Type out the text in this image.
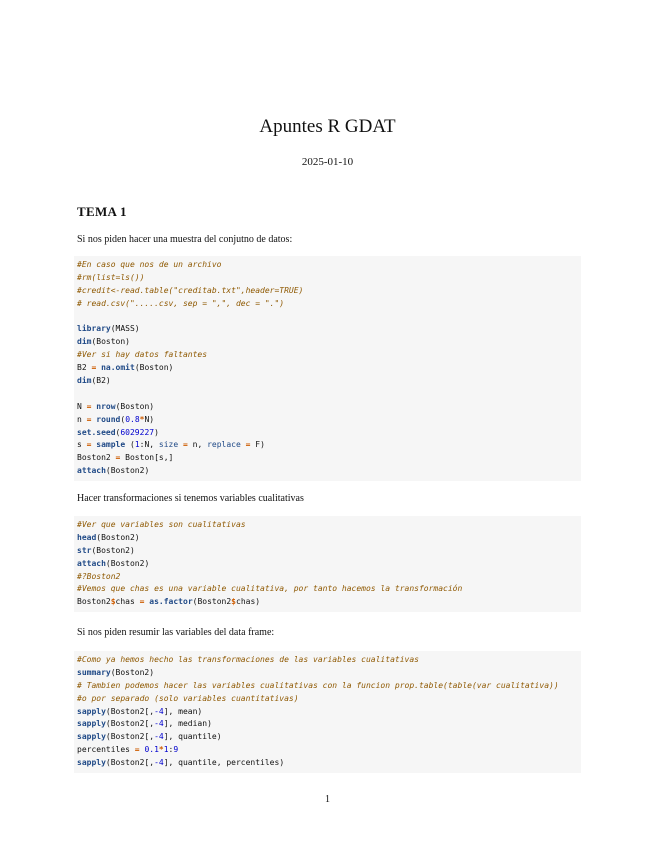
Apuntes R GDAT
2025-01-10
TEMA 1
Si nos piden hacer una muestra del conjutno de datos:
#En caso que nos de un archivo
#rm(list=ls())
#credit<-read.table("creditab.txt",header=TRUE)
# read.csv(".....csv, sep = ",", dec = ".")
library(MASS)
dim(Boston)
#Ver si hay datos faltantes
B2 = na.omit(Boston)
dim(B2)
N = nrow(Boston)
n = round(0.8*N)
set.seed(6029227)
s = sample (1:N, size = n, replace = F)
Boston2 = Boston[s,]
attach(Boston2)
Hacer transformaciones si tenemos variables cualitativas
#Ver que variables son cualitativas
head(Boston2)
str(Boston2)
attach(Boston2)
#?Boston2
#Vemos que chas es una variable cualitativa, por tanto hacemos la transformación
Boston2$chas = as.factor(Boston2$chas)
Si nos piden resumir las variables del data frame:
#Como ya hemos hecho las transformaciones de las variables cualitativas
summary(Boston2)
# Tambien podemos hacer las variables cualitativas con la funcion prop.table(table(var cualitativa))
#o por separado (solo variables cuantitativas)
sapply(Boston2[,-4], mean)
sapply(Boston2[,-4], median)
sapply(Boston2[,-4], quantile)
percentiles = 0.1*1:9
sapply(Boston2[,-4], quantile, percentiles)
1
